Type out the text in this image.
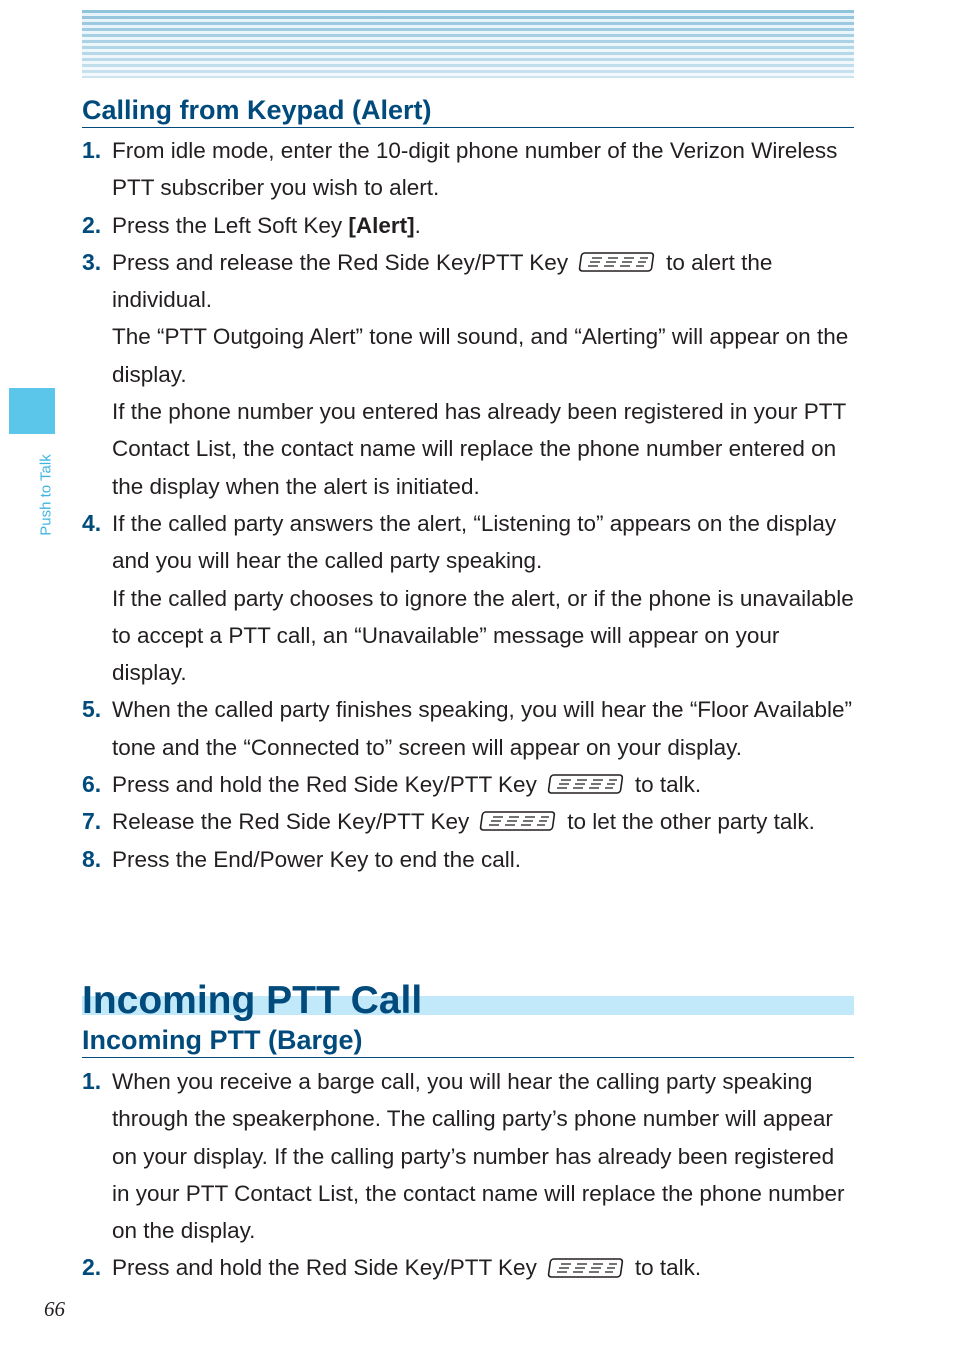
Push to Talk
Calling from Keypad (Alert)
1. From idle mode, enter the 10-digit phone number of the Verizon Wireless PTT subscriber you wish to alert.
2. Press the Left Soft Key [Alert].
3. Press and release the Red Side Key/PTT Key	to alert the individual.
The “PTT Outgoing Alert” tone will sound, and “Alerting” will appear on the display.
If the phone number you entered has already been registered in your PTT Contact List, the contact name will replace the phone number entered on the display when the alert is initiated.
4. If the called party answers the alert, “Listening to” appears on the display and you will hear the called party speaking.
If the called party chooses to ignore the alert, or if the phone is unavailable to accept a PTT call, an “Unavailable” message will appear on your display.
5. When the called party finishes speaking, you will hear the “Floor Available” tone and the “Connected to” screen will appear on your display.
6. Press and hold the Red Side Key/PTT Key	to talk.
7. Release the Red Side Key/PTT Key	to let the other party talk.
8. Press the End/Power Key to end the call.
Incoming PTT Call
Incoming PTT (Barge)
1. When you receive a barge call, you will hear the calling party speaking through the speakerphone. The calling party’s phone number will appear on your display. If the calling party’s number has already been registered in your PTT Contact List, the contact name will replace the phone number on the display.
2. Press and hold the Red Side Key/PTT Key	to talk.
66
